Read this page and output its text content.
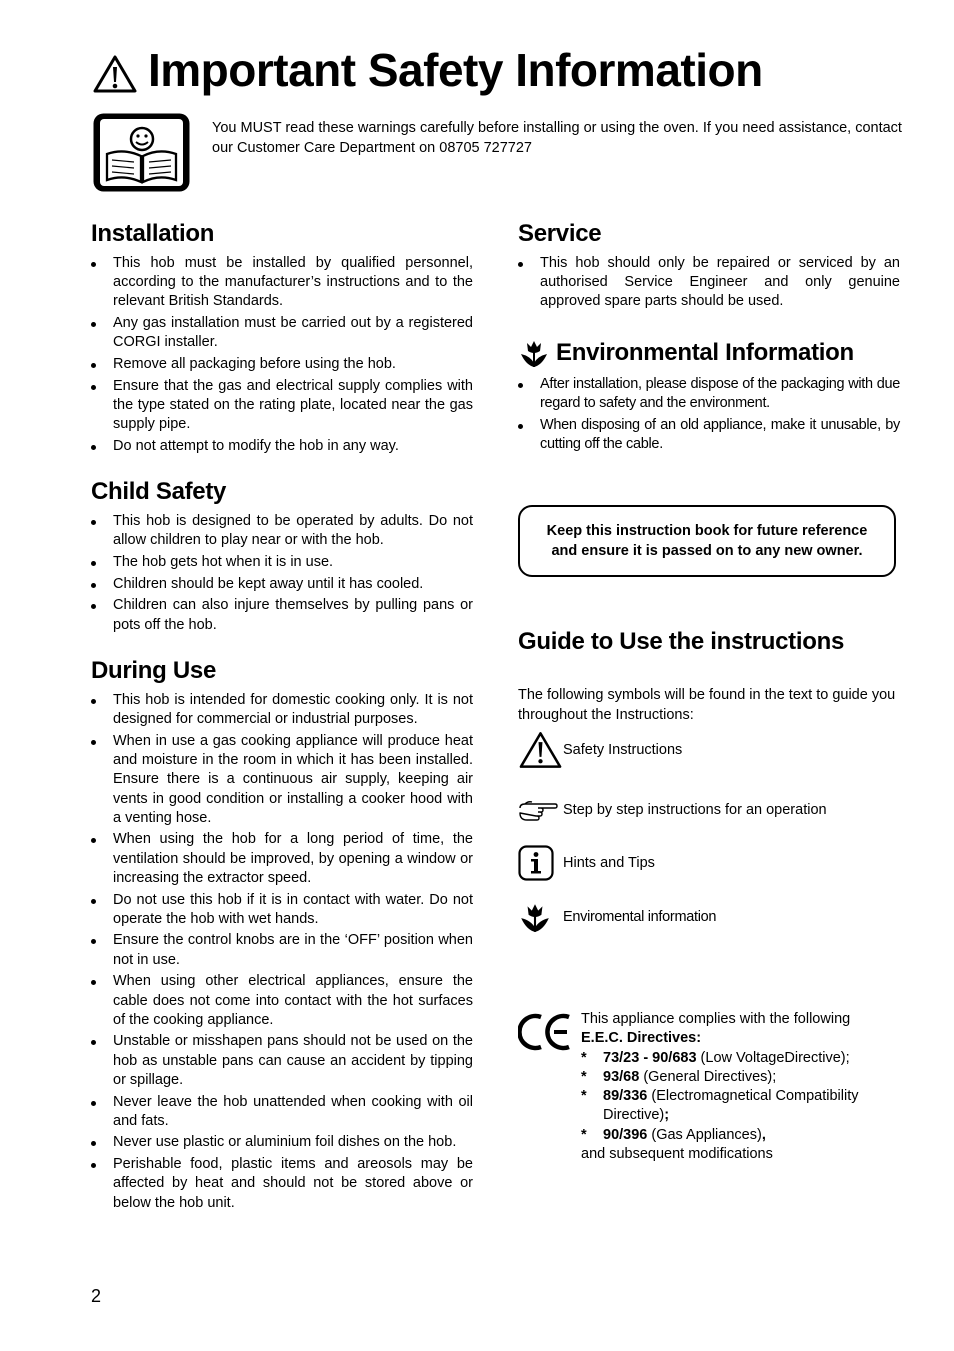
Important Safety Information
You MUST read these warnings carefully before installing or using the oven. If you need assistance, contact our Customer Care Department on 08705 727727
Installation
This hob must be installed by qualified personnel, according to the manufacturer’s instructions and to the relevant British Standards.
Any gas installation must be carried out by a registered CORGI installer.
Remove all packaging before using the hob.
Ensure that the gas and electrical supply complies with the type stated on the rating plate, located near the gas supply pipe.
Do not attempt to modify the hob in any way.
Child Safety
This hob is designed to be operated by adults. Do not allow children to play near or with the hob.
The hob gets hot when it is in use.
Children should be kept away until it has cooled.
Children can also injure themselves by pulling pans or pots off the hob.
During Use
This hob is intended for domestic cooking only. It is not designed for commercial or industrial purposes.
When in use a gas cooking appliance will produce heat and moisture in the room in which it has been installed. Ensure there is a continuous air supply, keeping air vents in good condition or installing a cooker hood with a venting hose.
When using the hob for a long period of time, the ventilation should be improved, by opening a window or increasing the extractor speed.
Do not use this hob if it is in contact with water. Do not operate the hob with wet hands.
Ensure the control knobs are in the ‘OFF’ position when not in use.
When using other electrical appliances, ensure the cable does not come into contact with the hot surfaces of the cooking appliance.
Unstable or misshapen pans should not be used on the hob as unstable pans can cause an accident by tipping or spillage.
Never leave the hob unattended when cooking with oil and fats.
Never use plastic or aluminium foil dishes on the hob.
Perishable food, plastic items and areosols may be affected by heat and should not be stored above or below the hob unit.
Service
This hob should only be repaired or serviced by an authorised Service Engineer and only genuine approved spare parts should be used.
Environmental Information
After installation, please dispose of the packaging with due regard to safety and the environment.
When disposing of an old appliance, make it unusable, by cutting off the cable.
Keep this instruction book for future reference
and ensure it is passed on to any new owner.
Guide to Use the instructions
The following symbols will be found in the text to guide you throughout the Instructions:
Safety Instructions
Step by step instructions for an operation
Hints and Tips
Enviromental information
This appliance complies with the following
E.E.C. Directives:
* 73/23 - 90/683 (Low VoltageDirective);
* 93/68 (General Directives);
* 89/336 (Electromagnetical Compatibility Directive);
* 90/396 (Gas Appliances),
and subsequent modifications
2
